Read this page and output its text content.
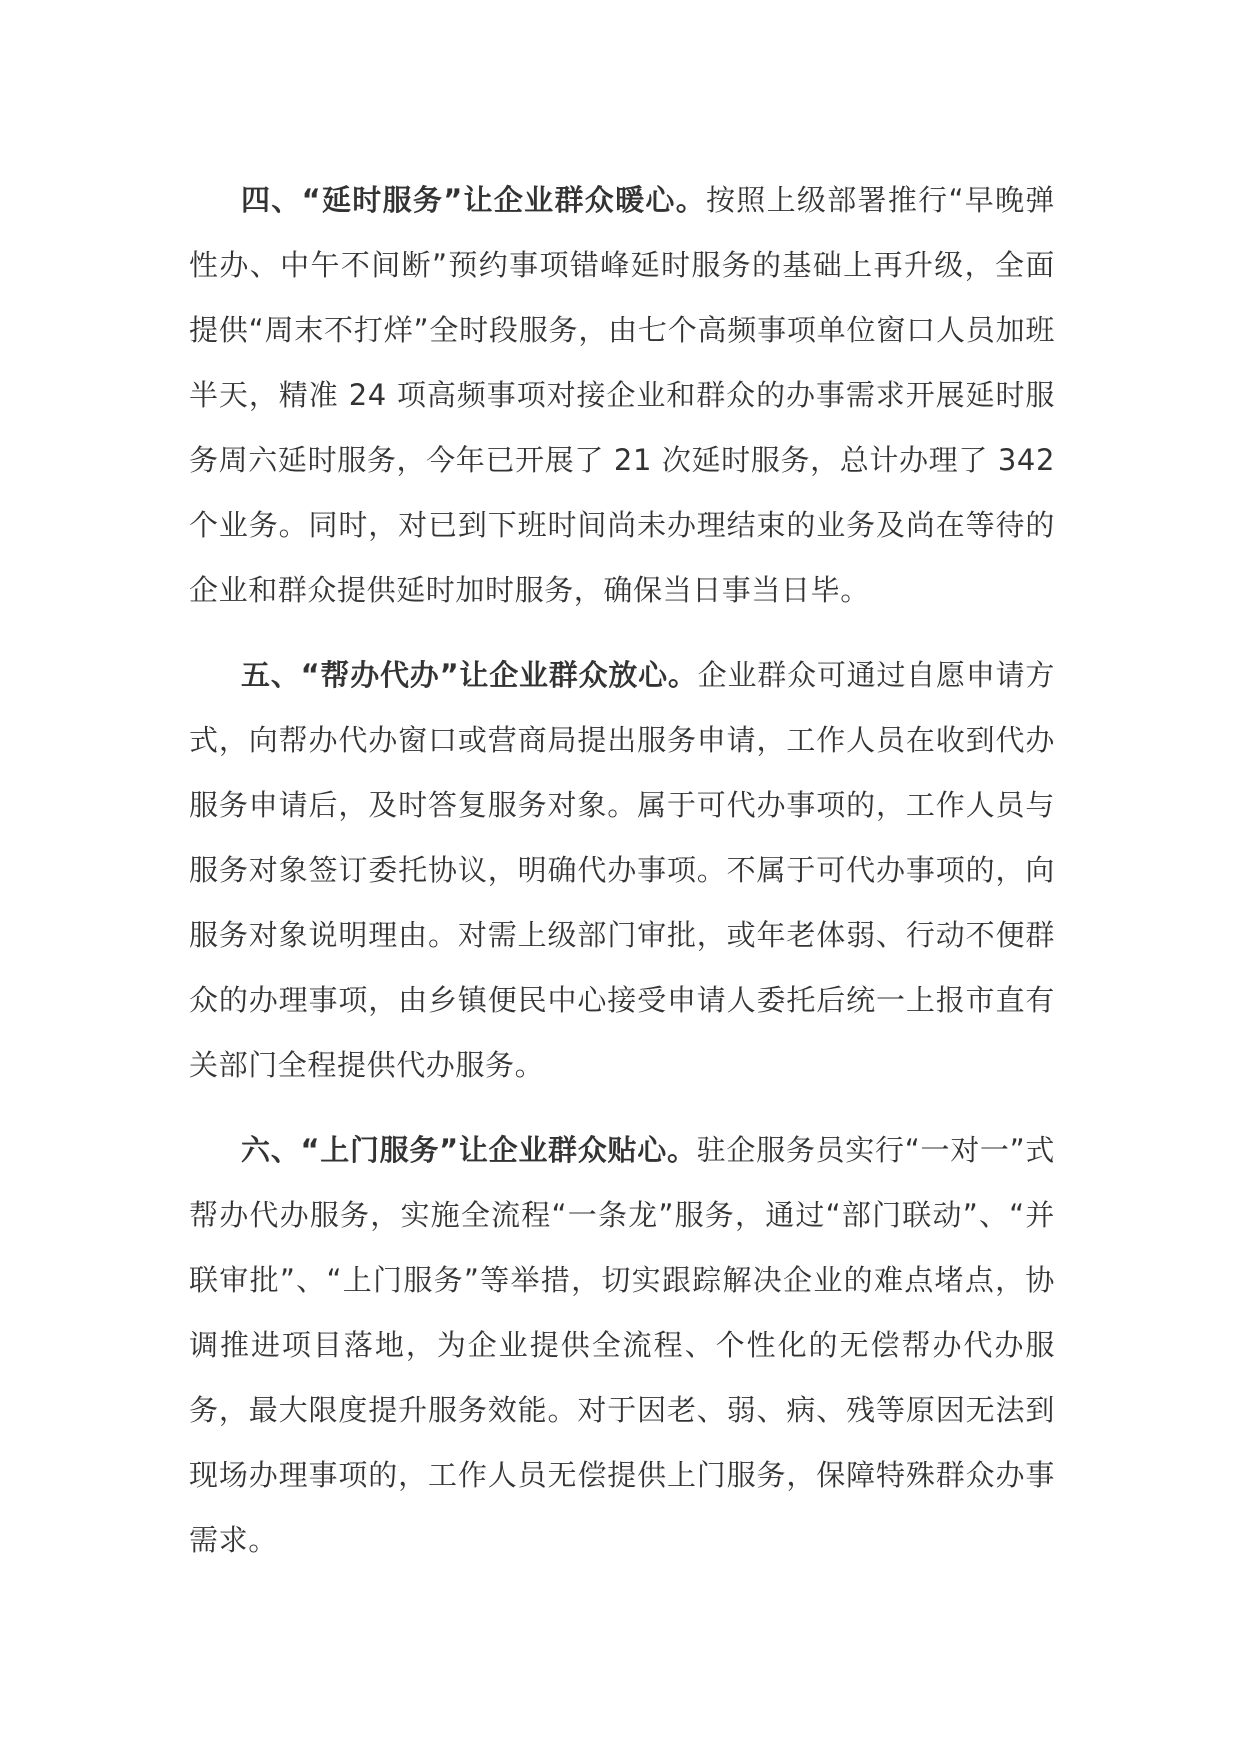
四、“延时服务”让企业群众暖心。按照上级部署推行“早晚弹性办、中午不间断”预约事项错峰延时服务的基础上再升级，全面提供“周末不打烊”全时段服务，由七个高频事项单位窗口人员加班半天，精准 24 项高频事项对接企业和群众的办事需求开展延时服务周六延时服务，今年已开展了 21 次延时服务，总计办理了 342 个业务。同时，对已到下班时间尚未办理结束的业务及尚在等待的企业和群众提供延时加时服务，确保当日事当日毕。

五、“帮办代办”让企业群众放心。企业群众可通过自愿申请方式，向帮办代办窗口或营商局提出服务申请，工作人员在收到代办服务申请后，及时答复服务对象。属于可代办事项的，工作人员与服务对象签订委托协议，明确代办事项。不属于可代办事项的，向服务对象说明理由。对需上级部门审批，或年老体弱、行动不便群众的办理事项，由乡镇便民中心接受申请人委托后统一上报市直有关部门全程提供代办服务。

六、“上门服务”让企业群众贴心。驻企服务员实行“一对一”式帮办代办服务，实施全流程“一条龙”服务，通过“部门联动”、“并联审批”、“上门服务”等举措，切实跟踪解决企业的难点堵点，协调推进项目落地，为企业提供全流程、个性化的无偿帮办代办服务，最大限度提升服务效能。对于因老、弱、病、残等原因无法到现场办理事项的，工作人员无偿提供上门服务，保障特殊群众办事需求。
